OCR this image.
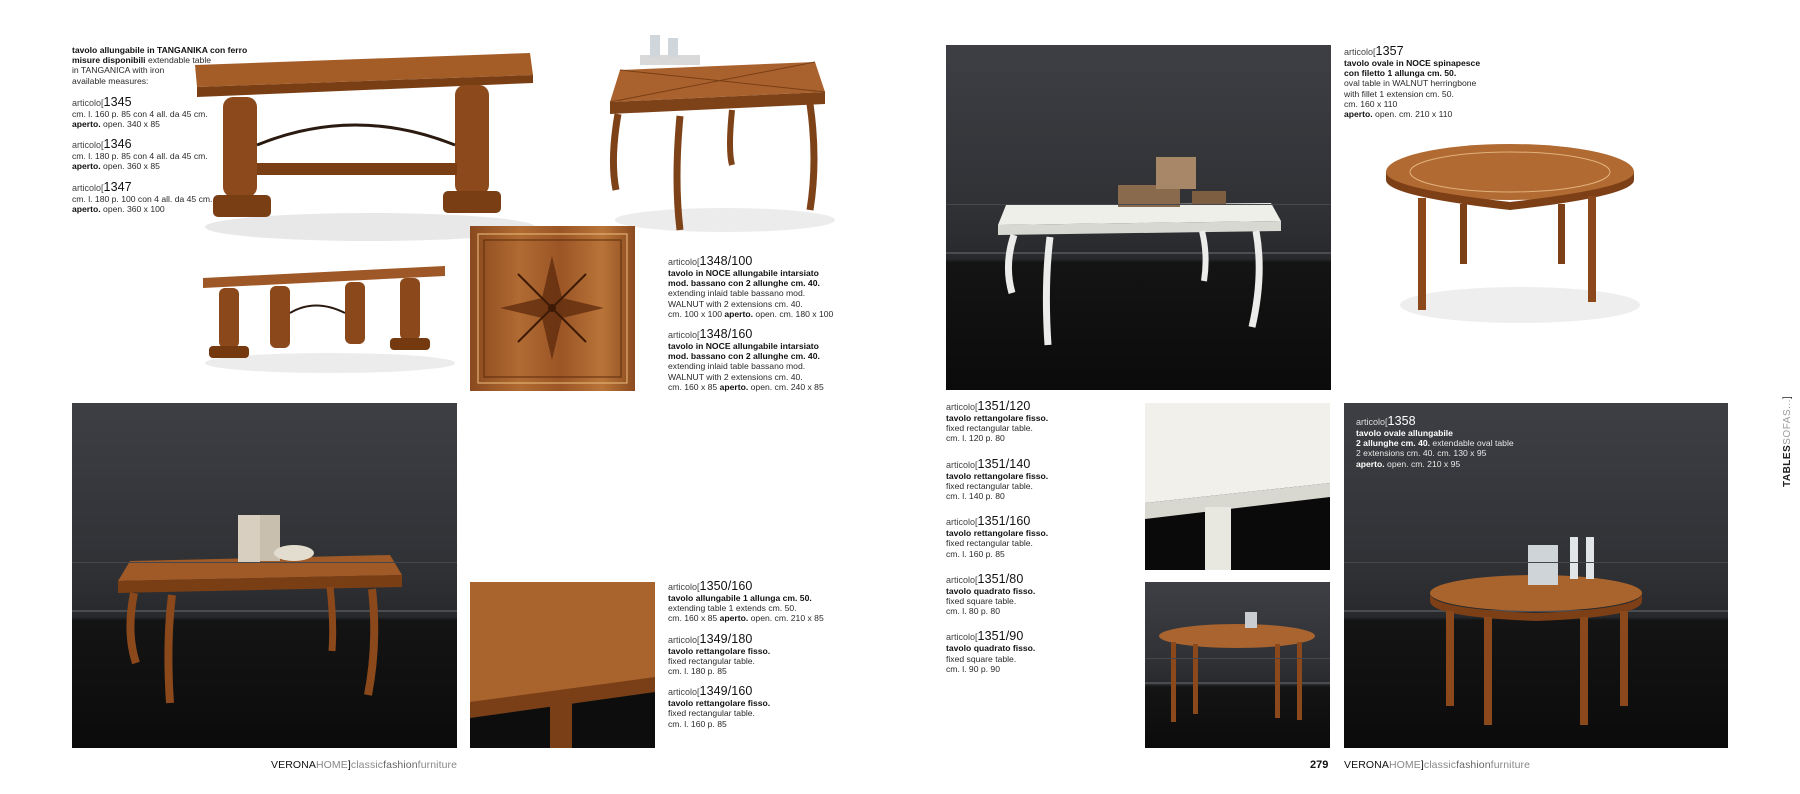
tavolo allungabile in TANGANIKA con ferro
misure disponibili extendable table
in TANGANICA with iron
available measures:
articolo[1345
cm. l. 160 p. 85 con 4 all. da 45 cm.
aperto. open. 340 x 85
articolo[1346
cm. l. 180 p. 85 con 4 all. da 45 cm.
aperto. open. 360 x 85
articolo[1347
cm. l. 180 p. 100 con 4 all. da 45 cm.
aperto. open. 360 x 100
articolo[1348/100
tavolo in NOCE allungabile intarsiato
mod. bassano con 2 allunghe cm. 40.
extending inlaid table bassano mod.
WALNUT with 2 extensions cm. 40.
cm. 100 x 100 aperto. open. cm. 180 x 100
articolo[1348/160
tavolo in NOCE allungabile intarsiato
mod. bassano con 2 allunghe cm. 40.
extending inlaid table bassano mod.
WALNUT with 2 extensions cm. 40.
cm. 160 x 85 aperto. open. cm. 240 x 85
articolo[1350/160
tavolo allungabile 1 allunga cm. 50.
extending table 1 extends cm. 50.
cm. 160 x 85 aperto. open. cm. 210 x 85
articolo[1349/180
tavolo rettangolare fisso.
fixed rectangular table.
cm. l. 180 p. 85
articolo[1349/160
tavolo rettangolare fisso.
fixed rectangular table.
cm. l. 160 p. 85
VERONAHOME]classicfashionfurniture
articolo[1357
tavolo ovale in NOCE spinapesce
con filetto 1 allunga cm. 50.
oval table in WALNUT herringbone
with fillet 1 extension cm. 50.
cm. 160 x 110
aperto. open. cm. 210 x 110
articolo[1351/120
tavolo rettangolare fisso.
fixed rectangular table.
cm. l. 120 p. 80
articolo[1351/140
tavolo rettangolare fisso.
fixed rectangular table.
cm. l. 140 p. 80
articolo[1351/160
tavolo rettangolare fisso.
fixed rectangular table.
cm. l. 160 p. 85
articolo[1351/80
tavolo quadrato fisso.
fixed square table.
cm. l. 80 p. 80
articolo[1351/90
tavolo quadrato fisso.
fixed square table.
cm. l. 90 p. 90
articolo[1358
tavolo ovale allungabile
2 allunghe cm. 40. extendable oval table
2 extensions cm. 40. cm. 130 x 95
aperto. open. cm. 210 x 95	TABLESSOFAS...]
279 VERONAHOME]classicfashionfurniture
